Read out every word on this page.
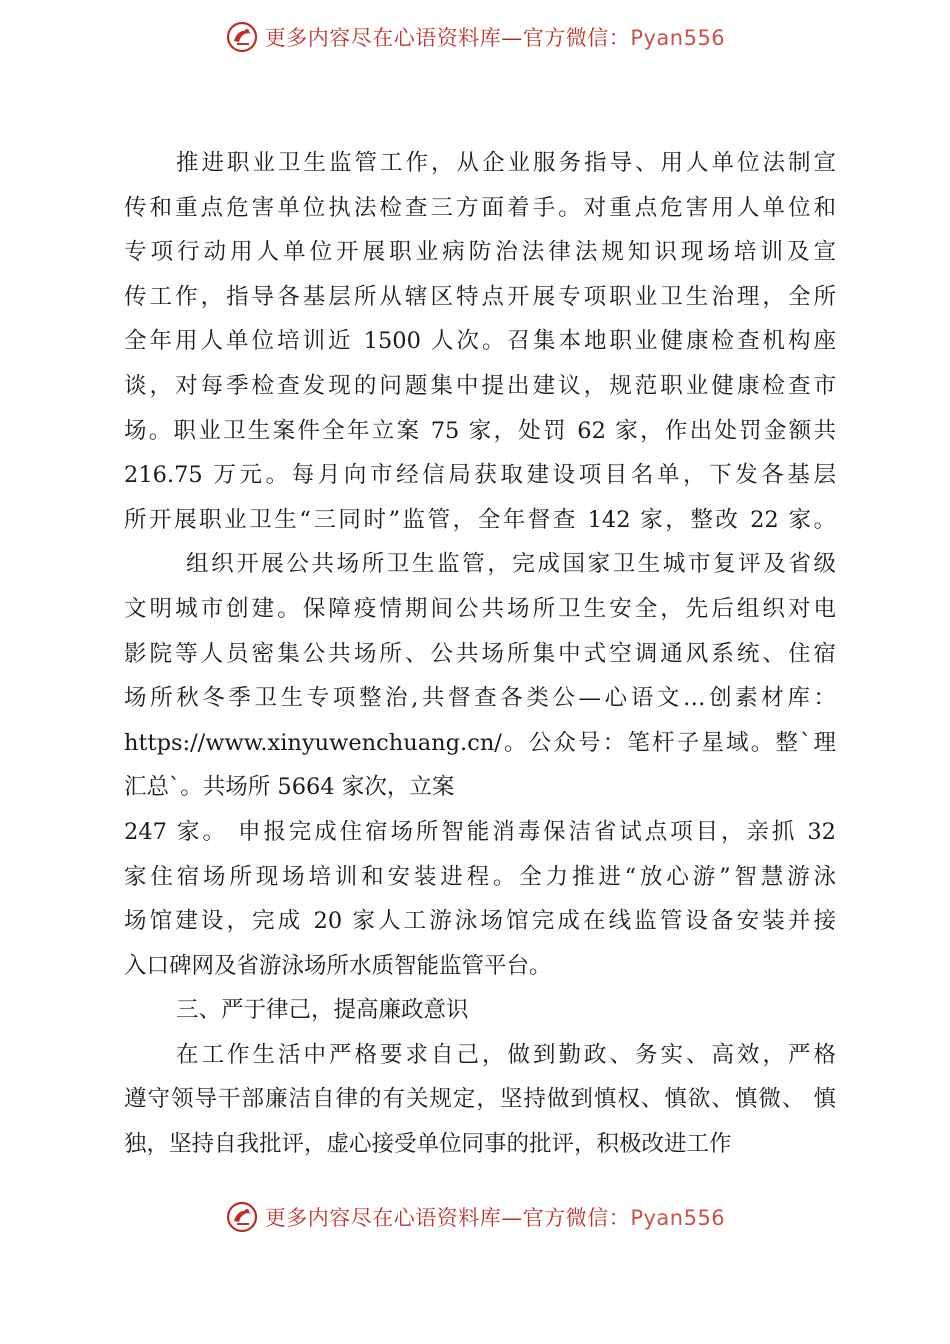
更多内容尽在心语资料库—官方微信：Pyan556
推进职业卫生监管工作，从企业服务指导、用人单位法制宣
传和重点危害单位执法检查三方面着手。对重点危害用人单位和
专项行动用人单位开展职业病防治法律法规知识现场培训及宣
传工作，指导各基层所从辖区特点开展专项职业卫生治理，全所
全年用人单位培训近 1500 人次。召集本地职业健康检查机构座
谈，对每季检查发现的问题集中提出建议，规范职业健康检查市
场。职业卫生案件全年立案 75 家，处罚 62 家，作出处罚金额共
216.75 万元。每月向市经信局获取建设项目名单，下发各基层
所开展职业卫生“三同时”监管，全年督查 142 家，整改 22 家。
组织开展公共场所卫生监管，完成国家卫生城市复评及省级
文明城市创建。保障疫情期间公共场所卫生安全，先后组织对电
影院等人员密集公共场所、公共场所集中式空调通风系统、住宿
场所秋冬季卫生专项整治,共督查各类公—心语文…创素材库：
https://www.xinyuwenchuang.cn/。公众号：笔杆子星域。整`理
汇总`。共场所 5664 家次，立案
247 家。 申报完成住宿场所智能消毒保洁省试点项目，亲抓 32
家住宿场所现场培训和安装进程。全力推进“放心游”智慧游泳
场馆建设，完成 20 家人工游泳场馆完成在线监管设备安装并接
入口碑网及省游泳场所水质智能监管平台。
三、严于律己，提高廉政意识
在工作生活中严格要求自己，做到勤政、务实、高效，严格
遵守领导干部廉洁自律的有关规定，坚持做到慎权、慎欲、慎微、 慎
独，坚持自我批评，虚心接受单位同事的批评，积极改进工作
更多内容尽在心语资料库—官方微信：Pyan556
